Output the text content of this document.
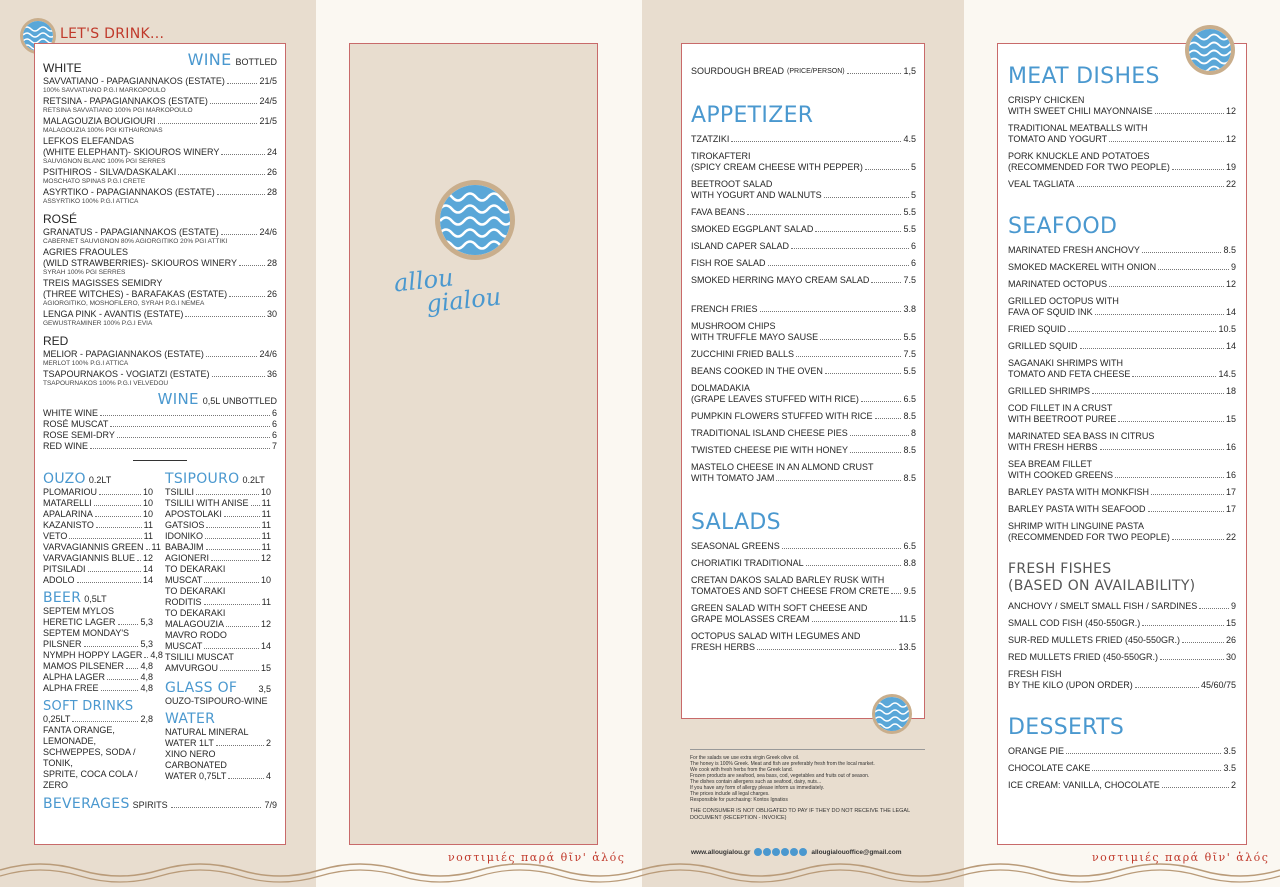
LET'S DRINK...
WINE BOTTLED
WHITE
SAVVATIANO - PAPAGIANNAKOS (ESTATE)	21/5
100% SAVVATIANO P.G.I MARKOPOULO
RETSINA - PAPAGIANNAKOS (ESTATE)	24/5
RETSINA SAVVATIANO 100% PGI MARKOPOULO
MALAGOUZIA BOUGIOURI	21/5
MALAGOUZIA 100% PGI KITHAIRONAS
LEFKOS ELEFANDAS
(WHITE ELEPHANT)- SKIOUROS WINERY	24
SAUVIGNON BLANC 100% PGI SERRES
PSITHIROS - SILVA/DASKALAKI	26
MOSCHATO SPINAS P.G.I CRETE
ASYRTIKO - PAPAGIANNAKOS (ESTATE)	28
ASSYRTIKO 100% P.G.I ATTICA
ROSÉ
GRANATUS - PAPAGIANNAKOS (ESTATE)	24/6
CABERNET SAUVIGNON 80% AGIORGITIKO 20% PGI ATTIKI
AGRIES FRAOULES
(WILD STRAWBERRIES)- SKIOUROS WINERY	28
SYRAH 100% PGI SERRES
TREIS MAGISSES SEMIDRY
(THREE WITCHES) - BARAFAKAS (ESTATE)	26
AGIORGITIKO, MOSHOFILERO, SYRAH P.G.I NEMEA
LENGA PINK - AVANTIS (ESTATE)	30
GEWUSTRAMINER 100% P.G.I EVIA
RED
MELIOR - PAPAGIANNAKOS (ESTATE)	24/6
MERLOT 100% P.G.I ATTICA
TSAPOURNAKOS - VOGIATZI (ESTATE)	36
TSAPOURNAKOS 100% P.G.I VELVEDOU
WINE 0,5L UNBOTTLED
WHITE WINE	6
ROSÉ MUSCAT	6
ROSE SEMI-DRY	6
RED WINE	7
OUZO 0.2LT
PLOMARIOU	10
MATARELLI	10
APALARINA	10
KAZANISTO	11
VETO	11
VARVAGIANNIS GREEN 11
VARVAGIANNIS BLUE 12
PITSILADI	14
ADOLO	14
BEER 0,5LT
SEPTEM MYLOS
HERETIC LAGER	5,3
SEPTEM MONDAY'S
PILSNER	5,3
NYMPH HOPPY LAGER 4,8
MAMOS PILSENER 4,8
ALPHA LAGER	4,8
ALPHA FREE	4,8
SOFT DRINKS
0,25LT	2,8
FANTA ORANGE, LEMONADE,
SCHWEPPES, SODA / TONIK,
SPRITE, COCA COLA / ZERO
TSIPOURO 0.2LT
TSILILI	10
TSILILI WITH ANISE 11
APOSTOLAKI	11
GATSIOS	11
IDONIKO	11
BABAJIM	11
AGIONERI	12
TO DEKARAKI
MUSCAT	10
TO DEKARAKI
RODITIS	11
TO DEKARAKI
MALAGOUZIA	12
MAVRO RODO
MUSCAT	14
TSILILI MUSCAT
AMVURGOU	15
GLASS OF 3,5
OUZO-TSIPOURO-WINE
WATER
NATURAL MINERAL
WATER 1LT	2
XINO NERO CARBONATED
WATER 0,75LT	4
BEVERAGES SPIRITS	7/9
allou
gialou
SOURDOUGH BREAD (PRICE/PERSON)	1,5
APPETIZER
TZATZIKI	4.5
TIROKAFTERI
(SPICY CREAM CHEESE WITH PEPPER)	5
BEETROOT SALAD
WITH YOGURT AND WALNUTS	5
FAVA BEANS	5.5
SMOKED EGGPLANT SALAD	5.5
ISLAND CAPER SALAD	6
FISH ROE SALAD	6
SMOKED HERRING MAYO CREAM SALAD	7.5
FRENCH FRIES	3.8
MUSHROOM CHIPS
WITH TRUFFLE MAYO SAUSE	5.5
ZUCCHINI FRIED BALLS	7.5
BEANS COOKED IN THE OVEN	5.5
DOLMADAKIA
(GRAPE LEAVES STUFFED WITH RICE)	6.5
PUMPKIN FLOWERS STUFFED WITH RICE	8.5
TRADITIONAL ISLAND CHEESE PIES	8
TWISTED CHEESE PIE WITH HONEY	8.5
MASTELO CHEESE IN AN ALMOND CRUST
WITH TOMATO JAM	8.5
SALADS
SEASONAL GREENS	6.5
CHORIATIKI TRADITIONAL	8.8
CRETAN DAKOS SALAD BARLEY RUSK WITH
TOMATOES AND SOFT CHEESE FROM CRETE 9.5
GREEN SALAD WITH SOFT CHEESE AND
GRAPE MOLASSES CREAM	11.5
OCTOPUS SALAD WITH LEGUMES AND
FRESH HERBS	13.5
For the salads we use extra virgin Greek olive oil.
The honey is 100% Greek. Meat and fish are preferably fresh from the local market.
We cook with fresh herbs from the Greek land.
Frozen products are seafood, sea bass, cod, vegetables and fruits out of season.
The dishes contain allergens such as seafood, dairy, nuts...
If you have any form of allergy please inform us immediately.
The prices include all legal charges.
Responsible for purchasing: Kontos Ignatios
THE CONSUMER IS NOT OBLIGATED TO PAY IF THEY DO NOT RECEIVE THE LEGAL DOCUMENT (RECEPTION - INVOICE)
www.allougialou.gr	allougialouoffice@gmail.com
MEAT DISHES
CRISPY CHICKEN
WITH SWEET CHILI MAYONNAISE	12
TRADITIONAL MEATBALLS WITH
TOMATO AND YOGURT	12
PORK KNUCKLE AND POTATOES
(RECOMMENDED FOR TWO PEOPLE)	19
VEAL TAGLIATA	22
SEAFOOD
MARINATED FRESH ANCHOVY	8.5
SMOKED MACKEREL WITH ONION	9
MARINATED OCTOPUS	12
GRILLED OCTOPUS WITH
FAVA OF SQUID INK	14
FRIED SQUID	10.5
GRILLED SQUID	14
SAGANAKI SHRIMPS WITH
TOMATO AND FETA CHEESE	14.5
GRILLED SHRIMPS	18
COD FILLET IN A CRUST
WITH BEETROOT PUREE	15
MARINATED SEA BASS IN CITRUS
WITH FRESH HERBS	16
SEA BREAM FILLET
WITH COOKED GREENS	16
BARLEY PASTA WITH MONKFISH	17
BARLEY PASTA WITH SEAFOOD	17
SHRIMP WITH LINGUINE PASTA
(RECOMMENDED FOR TWO PEOPLE)	22
FRESH FISHES
(BASED ON AVAILABILITY)
ANCHOVY / SMELT SMALL FISH / SARDINES	9
SMALL COD FISH (450-550GR.)	15
SUR-RED MULLETS FRIED (450-550GR.)	26
RED MULLETS FRIED (450-550GR.)	30
FRESH FISH
BY THE KILO (UPON ORDER)	45/60/75
DESSERTS
ORANGE PIE	3.5
CHOCOLATE CAKE	3.5
ICE CREAM: VANILLA, CHOCOLATE	2
νοστιμιές παρά θῖν' ἁλός	νοστιμιές παρά θῖν' ἁλός
